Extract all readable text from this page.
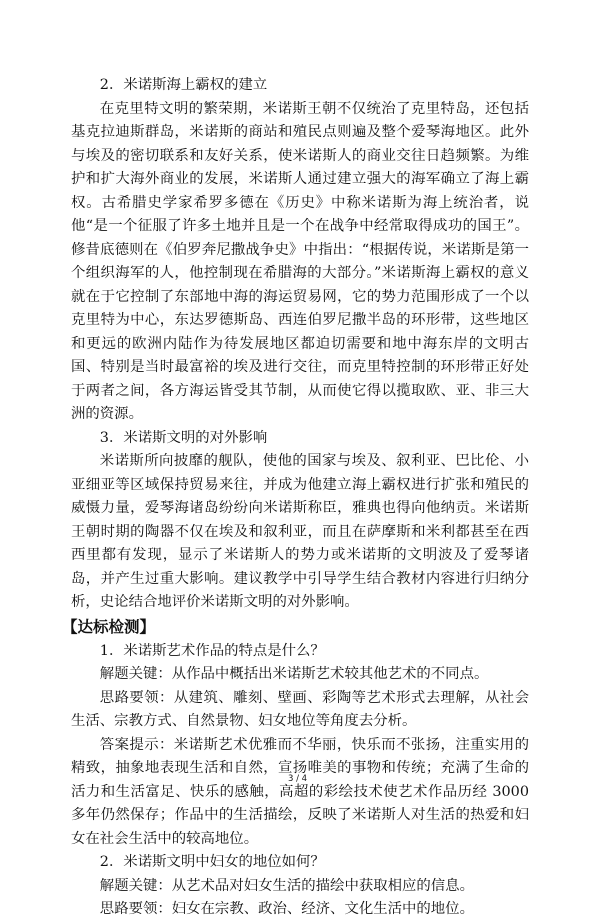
2．米诺斯海上霸权的建立

在克里特文明的繁荣期，米诺斯王朝不仅统治了克里特岛，还包括基克拉迪斯群岛，米诺斯的商站和殖民点则遍及整个爱琴海地区。此外与埃及的密切联系和友好关系，使米诺斯人的商业交往日趋频繁。为维护和扩大海外商业的发展，米诺斯人通过建立强大的海军确立了海上霸权。古希腊史学家希罗多德在《历史》中称米诺斯为海上统治者，说他“是一个征服了许多土地并且是一个在战争中经常取得成功的国王”。修昔底德则在《伯罗奔尼撒战争史》中指出：“根据传说，米诺斯是第一个组织海军的人，他控制现在希腊海的大部分。”米诺斯海上霸权的意义就在于它控制了东部地中海的海运贸易网，它的势力范围形成了一个以克里特为中心，东达罗德斯岛、西连伯罗尼撒半岛的环形带，这些地区和更远的欧洲内陆作为待发展地区都迫切需要和地中海东岸的文明古国、特别是当时最富裕的埃及进行交往，而克里特控制的环形带正好处于两者之间，各方海运皆受其节制，从而使它得以揽取欧、亚、非三大洲的资源。

3．米诺斯文明的对外影响

米诺斯所向披靡的舰队，使他的国家与埃及、叙利亚、巴比伦、小亚细亚等区域保持贸易来往，并成为他建立海上霸权进行扩张和殖民的威慑力量，爱琴海诸岛纷纷向米诺斯称臣，雅典也得向他纳贡。米诺斯王朝时期的陶器不仅在埃及和叙利亚，而且在萨摩斯和米利都甚至在西西里都有发现，显示了米诺斯人的势力或米诺斯的文明波及了爱琴诸岛，并产生过重大影响。建议教学中引导学生结合教材内容进行归纳分析，史论结合地评价米诺斯文明的对外影响。

【达标检测】

1．米诺斯艺术作品的特点是什么？

解题关键：从作品中概括出米诺斯艺术较其他艺术的不同点。

思路要领：从建筑、雕刻、壁画、彩陶等艺术形式去理解，从社会生活、宗教方式、自然景物、妇女地位等角度去分析。

答案提示：米诺斯艺术优雅而不华丽，快乐而不张扬，注重实用的精致，抽象地表现生活和自然，宣扬唯美的事物和传统；充满了生命的活力和生活富足、快乐的感触，高超的彩绘技术使艺术作品历经 3000 多年仍然保存；作品中的生活描绘，反映了米诺斯人对生活的热爱和妇女在社会生活中的较高地位。

2．米诺斯文明中妇女的地位如何？

解题关键：从艺术品对妇女生活的描绘中获取相应的信息。

思路要领：妇女在宗教、政治、经济、文化生活中的地位。

3 / 4
